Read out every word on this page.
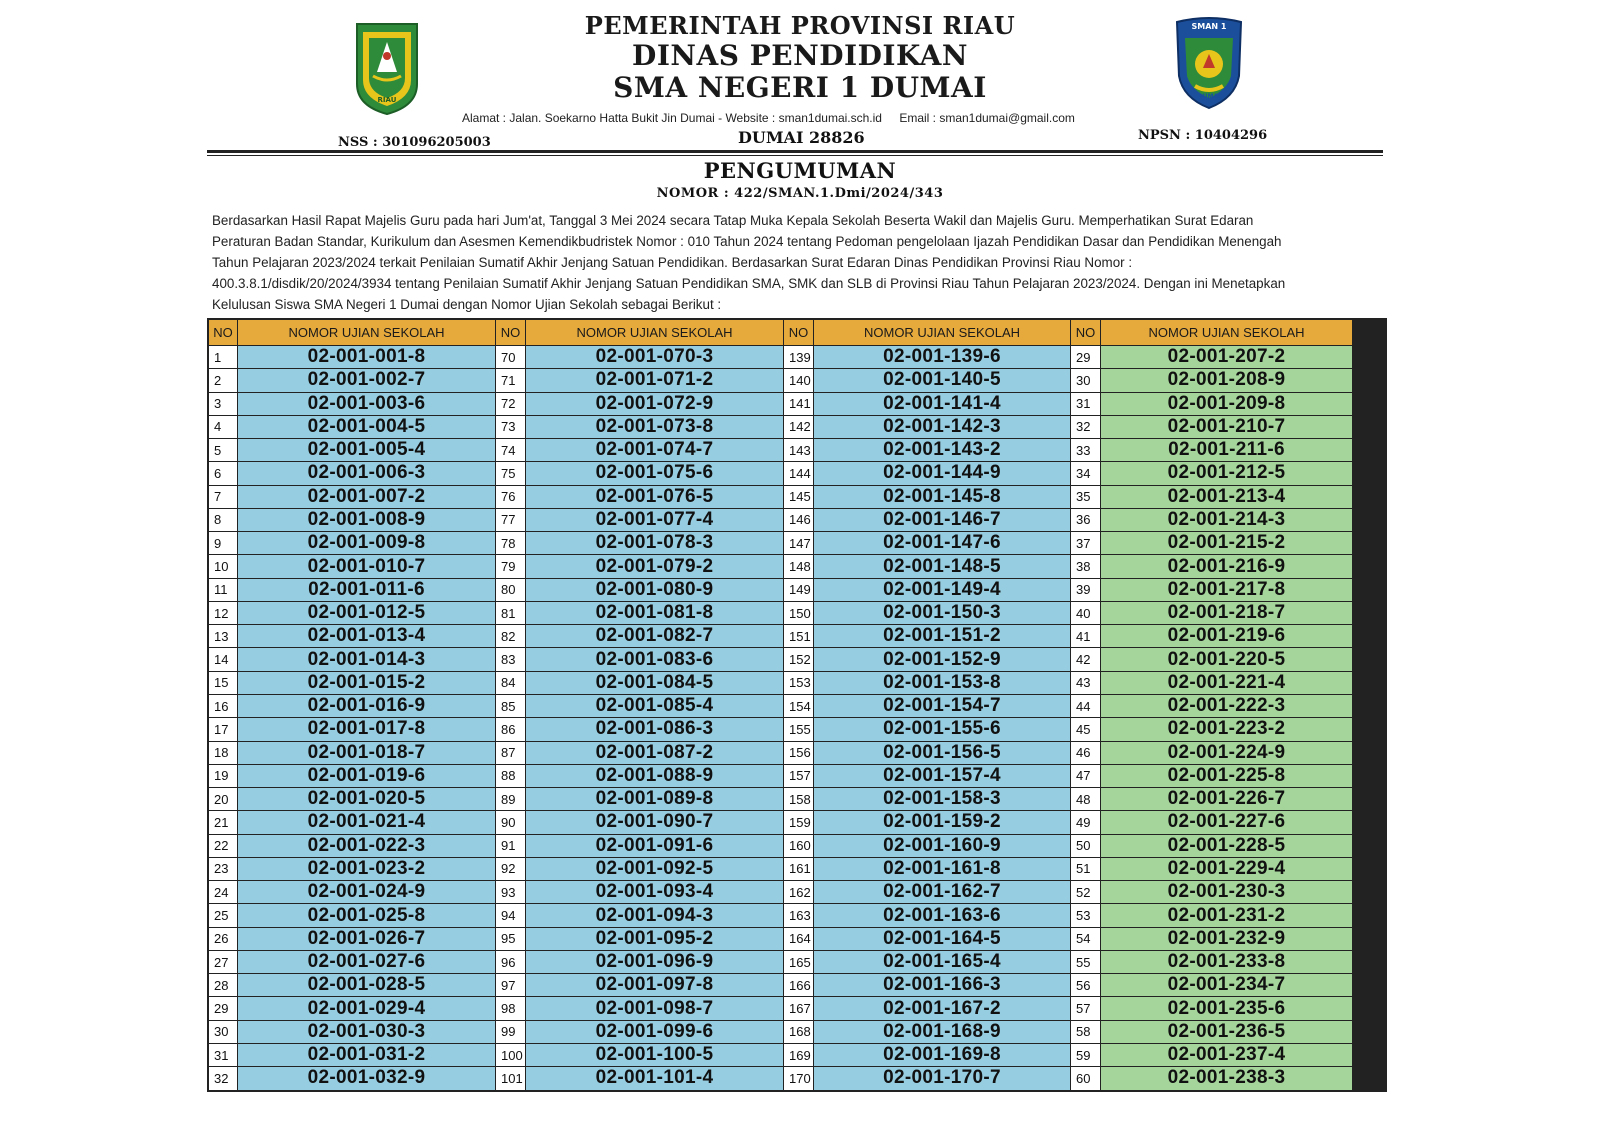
RIAU
SMAN 1
DUMAI
PEMERINTAH PROVINSI RIAU
DINAS PENDIDIKAN
SMA NEGERI 1 DUMAI
Alamat : Jalan. Soekarno Hatta Bukit Jin Dumai - Website : sman1dumai.sch.id Email : sman1dumai@gmail.com
NSS : 301096205003	DUMAI 28826	NPSN : 10404296
PENGUMUMAN
NOMOR : 422/SMAN.1.Dmi/2024/343

Berdasarkan Hasil Rapat Majelis Guru pada hari Jum'at, Tanggal 3 Mei 2024 secara Tatap Muka Kepala Sekolah Beserta Wakil dan Majelis Guru. Memperhatikan Surat Edaran

Peraturan Badan Standar, Kurikulum dan Asesmen Kemendikbudristek Nomor : 010 Tahun 2024 tentang Pedoman pengelolaan Ijazah Pendidikan Dasar dan Pendidikan Menengah

Tahun Pelajaran 2023/2024 terkait Penilaian Sumatif Akhir Jenjang Satuan Pendidikan. Berdasarkan Surat Edaran Dinas Pendidikan Provinsi Riau Nomor :

400.3.8.1/disdik/20/2024/3934 tentang Penilaian Sumatif Akhir Jenjang Satuan Pendidikan SMA, SMK dan SLB di Provinsi Riau Tahun Pelajaran 2023/2024. Dengan ini Menetapkan

Kelulusan Siswa SMA Negeri 1 Dumai dengan Nomor Ujian Sekolah sebagai Berikut :

NO	NOMOR UJIAN SEKOLAH
1	02-001-001-8
2	02-001-002-7
3	02-001-003-6
4	02-001-004-5
5	02-001-005-4
6	02-001-006-3
7	02-001-007-2
8	02-001-008-9
9	02-001-009-8
10	02-001-010-7
11	02-001-011-6
12	02-001-012-5
13	02-001-013-4
14	02-001-014-3
15	02-001-015-2
16	02-001-016-9
17	02-001-017-8
18	02-001-018-7
19	02-001-019-6
20	02-001-020-5
21	02-001-021-4
22	02-001-022-3
23	02-001-023-2
24	02-001-024-9
25	02-001-025-8
26	02-001-026-7
27	02-001-027-6
28	02-001-028-5
29	02-001-029-4
30	02-001-030-3
31	02-001-031-2
32	02-001-032-9
NO	NOMOR UJIAN SEKOLAH
70	02-001-070-3
71	02-001-071-2
72	02-001-072-9
73	02-001-073-8
74	02-001-074-7
75	02-001-075-6
76	02-001-076-5
77	02-001-077-4
78	02-001-078-3
79	02-001-079-2
80	02-001-080-9
81	02-001-081-8
82	02-001-082-7
83	02-001-083-6
84	02-001-084-5
85	02-001-085-4
86	02-001-086-3
87	02-001-087-2
88	02-001-088-9
89	02-001-089-8
90	02-001-090-7
91	02-001-091-6
92	02-001-092-5
93	02-001-093-4
94	02-001-094-3
95	02-001-095-2
96	02-001-096-9
97	02-001-097-8
98	02-001-098-7
99	02-001-099-6
100	02-001-100-5
101	02-001-101-4
NO	NOMOR UJIAN SEKOLAH
139	02-001-139-6
140	02-001-140-5
141	02-001-141-4
142	02-001-142-3
143	02-001-143-2
144	02-001-144-9
145	02-001-145-8
146	02-001-146-7
147	02-001-147-6
148	02-001-148-5
149	02-001-149-4
150	02-001-150-3
151	02-001-151-2
152	02-001-152-9
153	02-001-153-8
154	02-001-154-7
155	02-001-155-6
156	02-001-156-5
157	02-001-157-4
158	02-001-158-3
159	02-001-159-2
160	02-001-160-9
161	02-001-161-8
162	02-001-162-7
163	02-001-163-6
164	02-001-164-5
165	02-001-165-4
166	02-001-166-3
167	02-001-167-2
168	02-001-168-9
169	02-001-169-8
170	02-001-170-7
NO	NOMOR UJIAN SEKOLAH
29	02-001-207-2
30	02-001-208-9
31	02-001-209-8
32	02-001-210-7
33	02-001-211-6
34	02-001-212-5
35	02-001-213-4
36	02-001-214-3
37	02-001-215-2
38	02-001-216-9
39	02-001-217-8
40	02-001-218-7
41	02-001-219-6
42	02-001-220-5
43	02-001-221-4
44	02-001-222-3
45	02-001-223-2
46	02-001-224-9
47	02-001-225-8
48	02-001-226-7
49	02-001-227-6
50	02-001-228-5
51	02-001-229-4
52	02-001-230-3
53	02-001-231-2
54	02-001-232-9
55	02-001-233-8
56	02-001-234-7
57	02-001-235-6
58	02-001-236-5
59	02-001-237-4
60	02-001-238-3
